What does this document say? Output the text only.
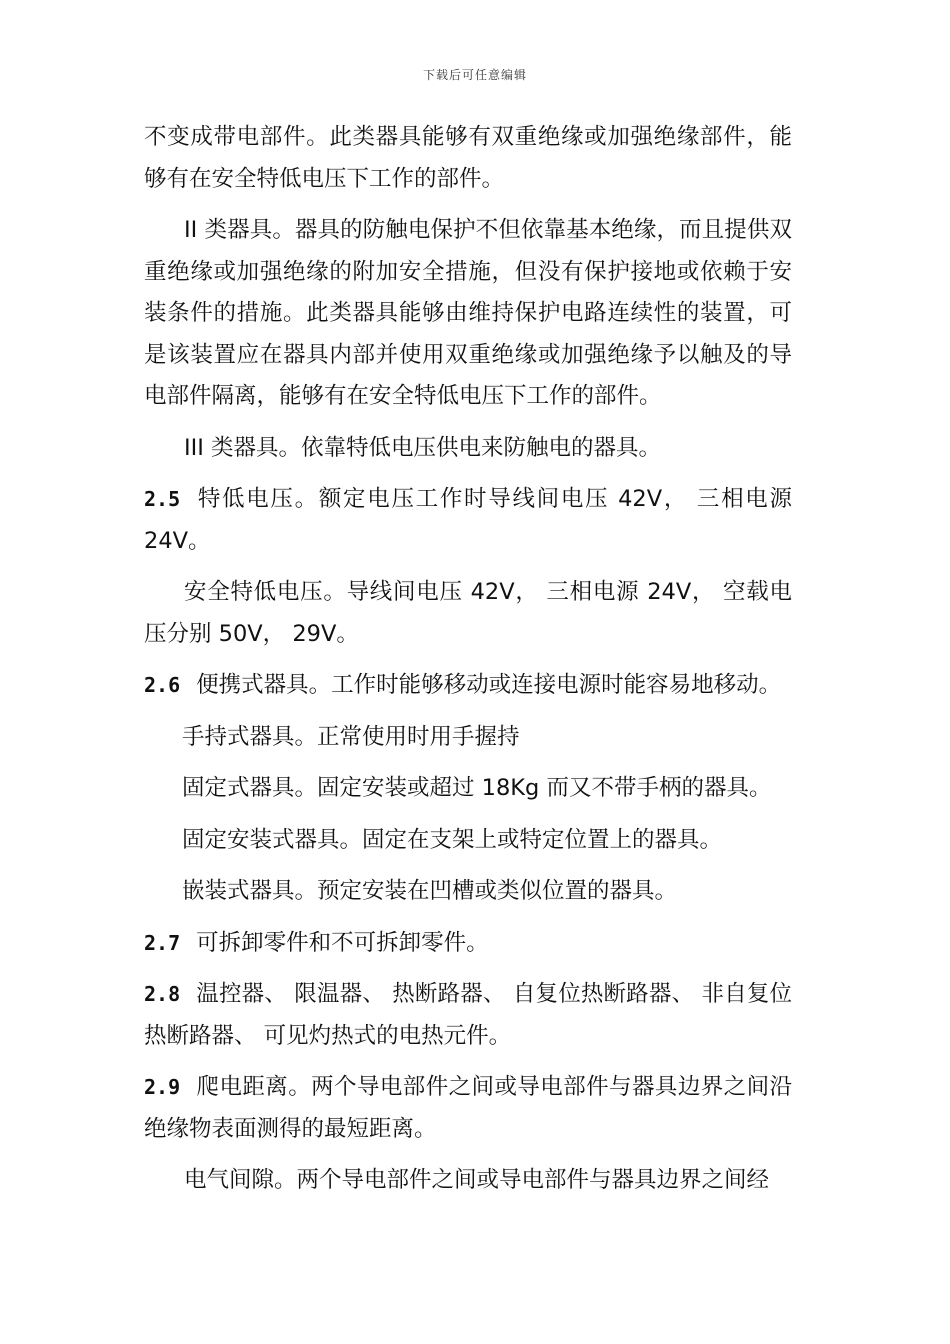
下载后可任意编辑

不变成带电部件。此类器具能够有双重绝缘或加强绝缘部件，能够有在安全特低电压下工作的部件。

II 类器具。器具的防触电保护不但依靠基本绝缘，而且提供双重绝缘或加强绝缘的附加安全措施，但没有保护接地或依赖于安装条件的措施。此类器具能够由维持保护电路连续性的装置，可是该装置应在器具内部并使用双重绝缘或加强绝缘予以触及的导电部件隔离，能够有在安全特低电压下工作的部件。

III 类器具。依靠特低电压供电来防触电的器具。

2.5 特低电压。额定电压工作时导线间电压 42V， 三相电源 24V。

安全特低电压。导线间电压 42V， 三相电源 24V， 空载电压分别 50V， 29V。

2.6 便携式器具。工作时能够移动或连接电源时能容易地移动。

手持式器具。正常使用时用手握持

固定式器具。固定安装或超过 18Kg 而又不带手柄的器具。

固定安装式器具。固定在支架上或特定位置上的器具。

嵌装式器具。预定安装在凹槽或类似位置的器具。

2.7 可拆卸零件和不可拆卸零件。

2.8 温控器、 限温器、 热断路器、 自复位热断路器、 非自复位热断路器、 可见灼热式的电热元件。

2.9 爬电距离。两个导电部件之间或导电部件与器具边界之间沿绝缘物表面测得的最短距离。

电气间隙。两个导电部件之间或导电部件与器具边界之间经
